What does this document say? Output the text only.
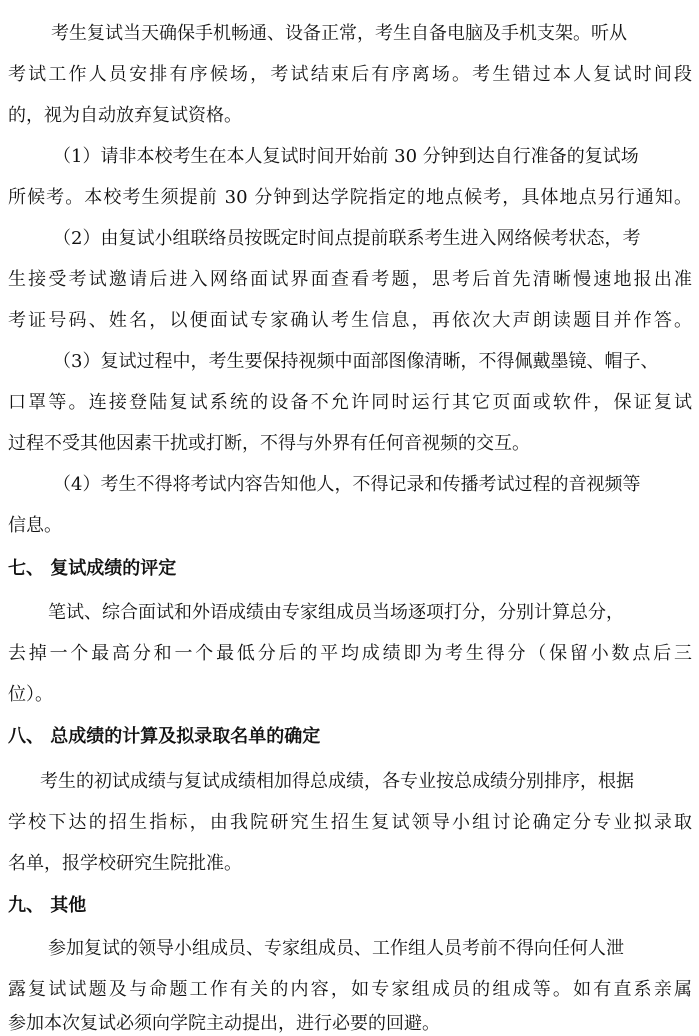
考生复试当天确保手机畅通、设备正常，考生自备电脑及手机支架。听从
考试工作人员安排有序候场，考试结束后有序离场。考生错过本人复试时间段
的，视为自动放弃复试资格。
（1）请非本校考生在本人复试时间开始前 30 分钟到达自行准备的复试场
所候考。本校考生须提前 30 分钟到达学院指定的地点候考，具体地点另行通知。
（2）由复试小组联络员按既定时间点提前联系考生进入网络候考状态，考
生接受考试邀请后进入网络面试界面查看考题，思考后首先清晰慢速地报出准
考证号码、姓名，以便面试专家确认考生信息，再依次大声朗读题目并作答。
（3）复试过程中，考生要保持视频中面部图像清晰，不得佩戴墨镜、帽子、
口罩等。连接登陆复试系统的设备不允许同时运行其它页面或软件，保证复试
过程不受其他因素干扰或打断，不得与外界有任何音视频的交互。
（4）考生不得将考试内容告知他人，不得记录和传播考试过程的音视频等
信息。
七、 复试成绩的评定
笔试、综合面试和外语成绩由专家组成员当场逐项打分，分别计算总分，
去掉一个最高分和一个最低分后的平均成绩即为考生得分（保留小数点后三
位）。
八、 总成绩的计算及拟录取名单的确定
考生的初试成绩与复试成绩相加得总成绩，各专业按总成绩分别排序，根据
学校下达的招生指标，由我院研究生招生复试领导小组讨论确定分专业拟录取
名单，报学校研究生院批准。
九、 其他
参加复试的领导小组成员、专家组成员、工作组人员考前不得向任何人泄
露复试试题及与命题工作有关的内容，如专家组成员的组成等。如有直系亲属
参加本次复试必须向学院主动提出，进行必要的回避。
